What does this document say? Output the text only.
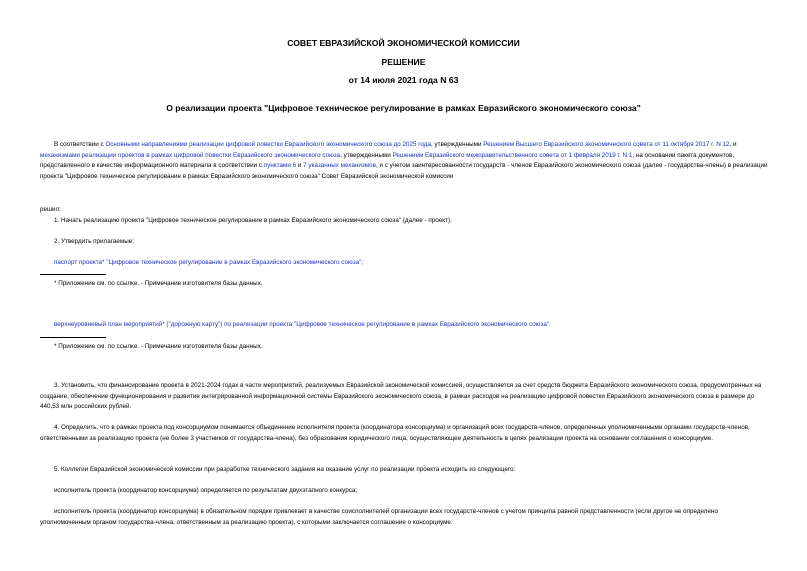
СОВЕТ ЕВРАЗИЙСКОЙ ЭКОНОМИЧЕСКОЙ КОМИССИИ
РЕШЕНИЕ
от 14 июля 2021 года N 63
О реализации проекта "Цифровое техническое регулирование в рамках Евразийского экономического союза"
В соответствии с Основными направлениями реализации цифровой повестки Евразийского экономического союза до 2025 года, утвержденными Решением Высшего Евразийского экономического совета от 11 октября 2017 г. N 12, и механизмами реализации проектов в рамках цифровой повестки Евразийского экономического союза, утвержденными Решением Евразийского межправительственного совета от 1 февраля 2019 г. N 1, на основании пакета документов, представленного в качестве информационного материала в соответствии с пунктами 6 и 7 указанных механизмов, и с учетом заинтересованности государств - членов Евразийского экономического союза (далее - государства-члены) в реализации проекта "Цифровое техническое регулирование в рамках Евразийского экономического союза" Совет Евразийской экономической комиссии
решил:
1. Начать реализацию проекта "Цифровое техническое регулирование в рамках Евразийского экономического союза" (далее - проект).
2. Утвердить прилагаемые:
паспорт проекта* "Цифровое техническое регулирование в рамках Евразийского экономического союза";
* Приложение см. по ссылке. - Примечание изготовителя базы данных.
верхнеуровневый план мероприятий* ("дорожную карту") по реализации проекта "Цифровое техническое регулирование в рамках Евразийского экономического союза".
* Приложение см. по ссылке. - Примечание изготовителя базы данных.
3. Установить, что финансирование проекта в 2021-2024 годах в части мероприятий, реализуемых Евразийской экономической комиссией, осуществляется за счет средств бюджета Евразийского экономического союза, предусмотренных на создание, обеспечение функционирования и развитие интегрированной информационной системы Евразийского экономического союза, в рамках расходов на реализацию цифровой повестки Евразийского экономического союза в размере до 440,53 млн российских рублей.
4. Определить, что в рамках проекта под консорциумом понимается объединение исполнителя проекта (координатора консорциума) и организаций всех государств-членов, определенных уполномоченными органами государств-членов, ответственными за реализацию проекта (не более 3 участников от государства-члена), без образования юридического лица, осуществляющее деятельность в целях реализации проекта на основании соглашения о консорциуме.
5. Коллегии Евразийской экономической комиссии при разработке технического задания на оказание услуг по реализации проекта исходить из следующего:
исполнитель проекта (координатор консорциума) определяется по результатам двухэтапного конкурса;
исполнитель проекта (координатор консорциума) в обязательном порядке привлекает в качестве соисполнителей организации всех государств-членов с учетом принципа равной представленности (если другое не определено уполномоченным органом государства-члена, ответственным за реализацию проекта), с которыми заключается соглашение о консорциуме.
